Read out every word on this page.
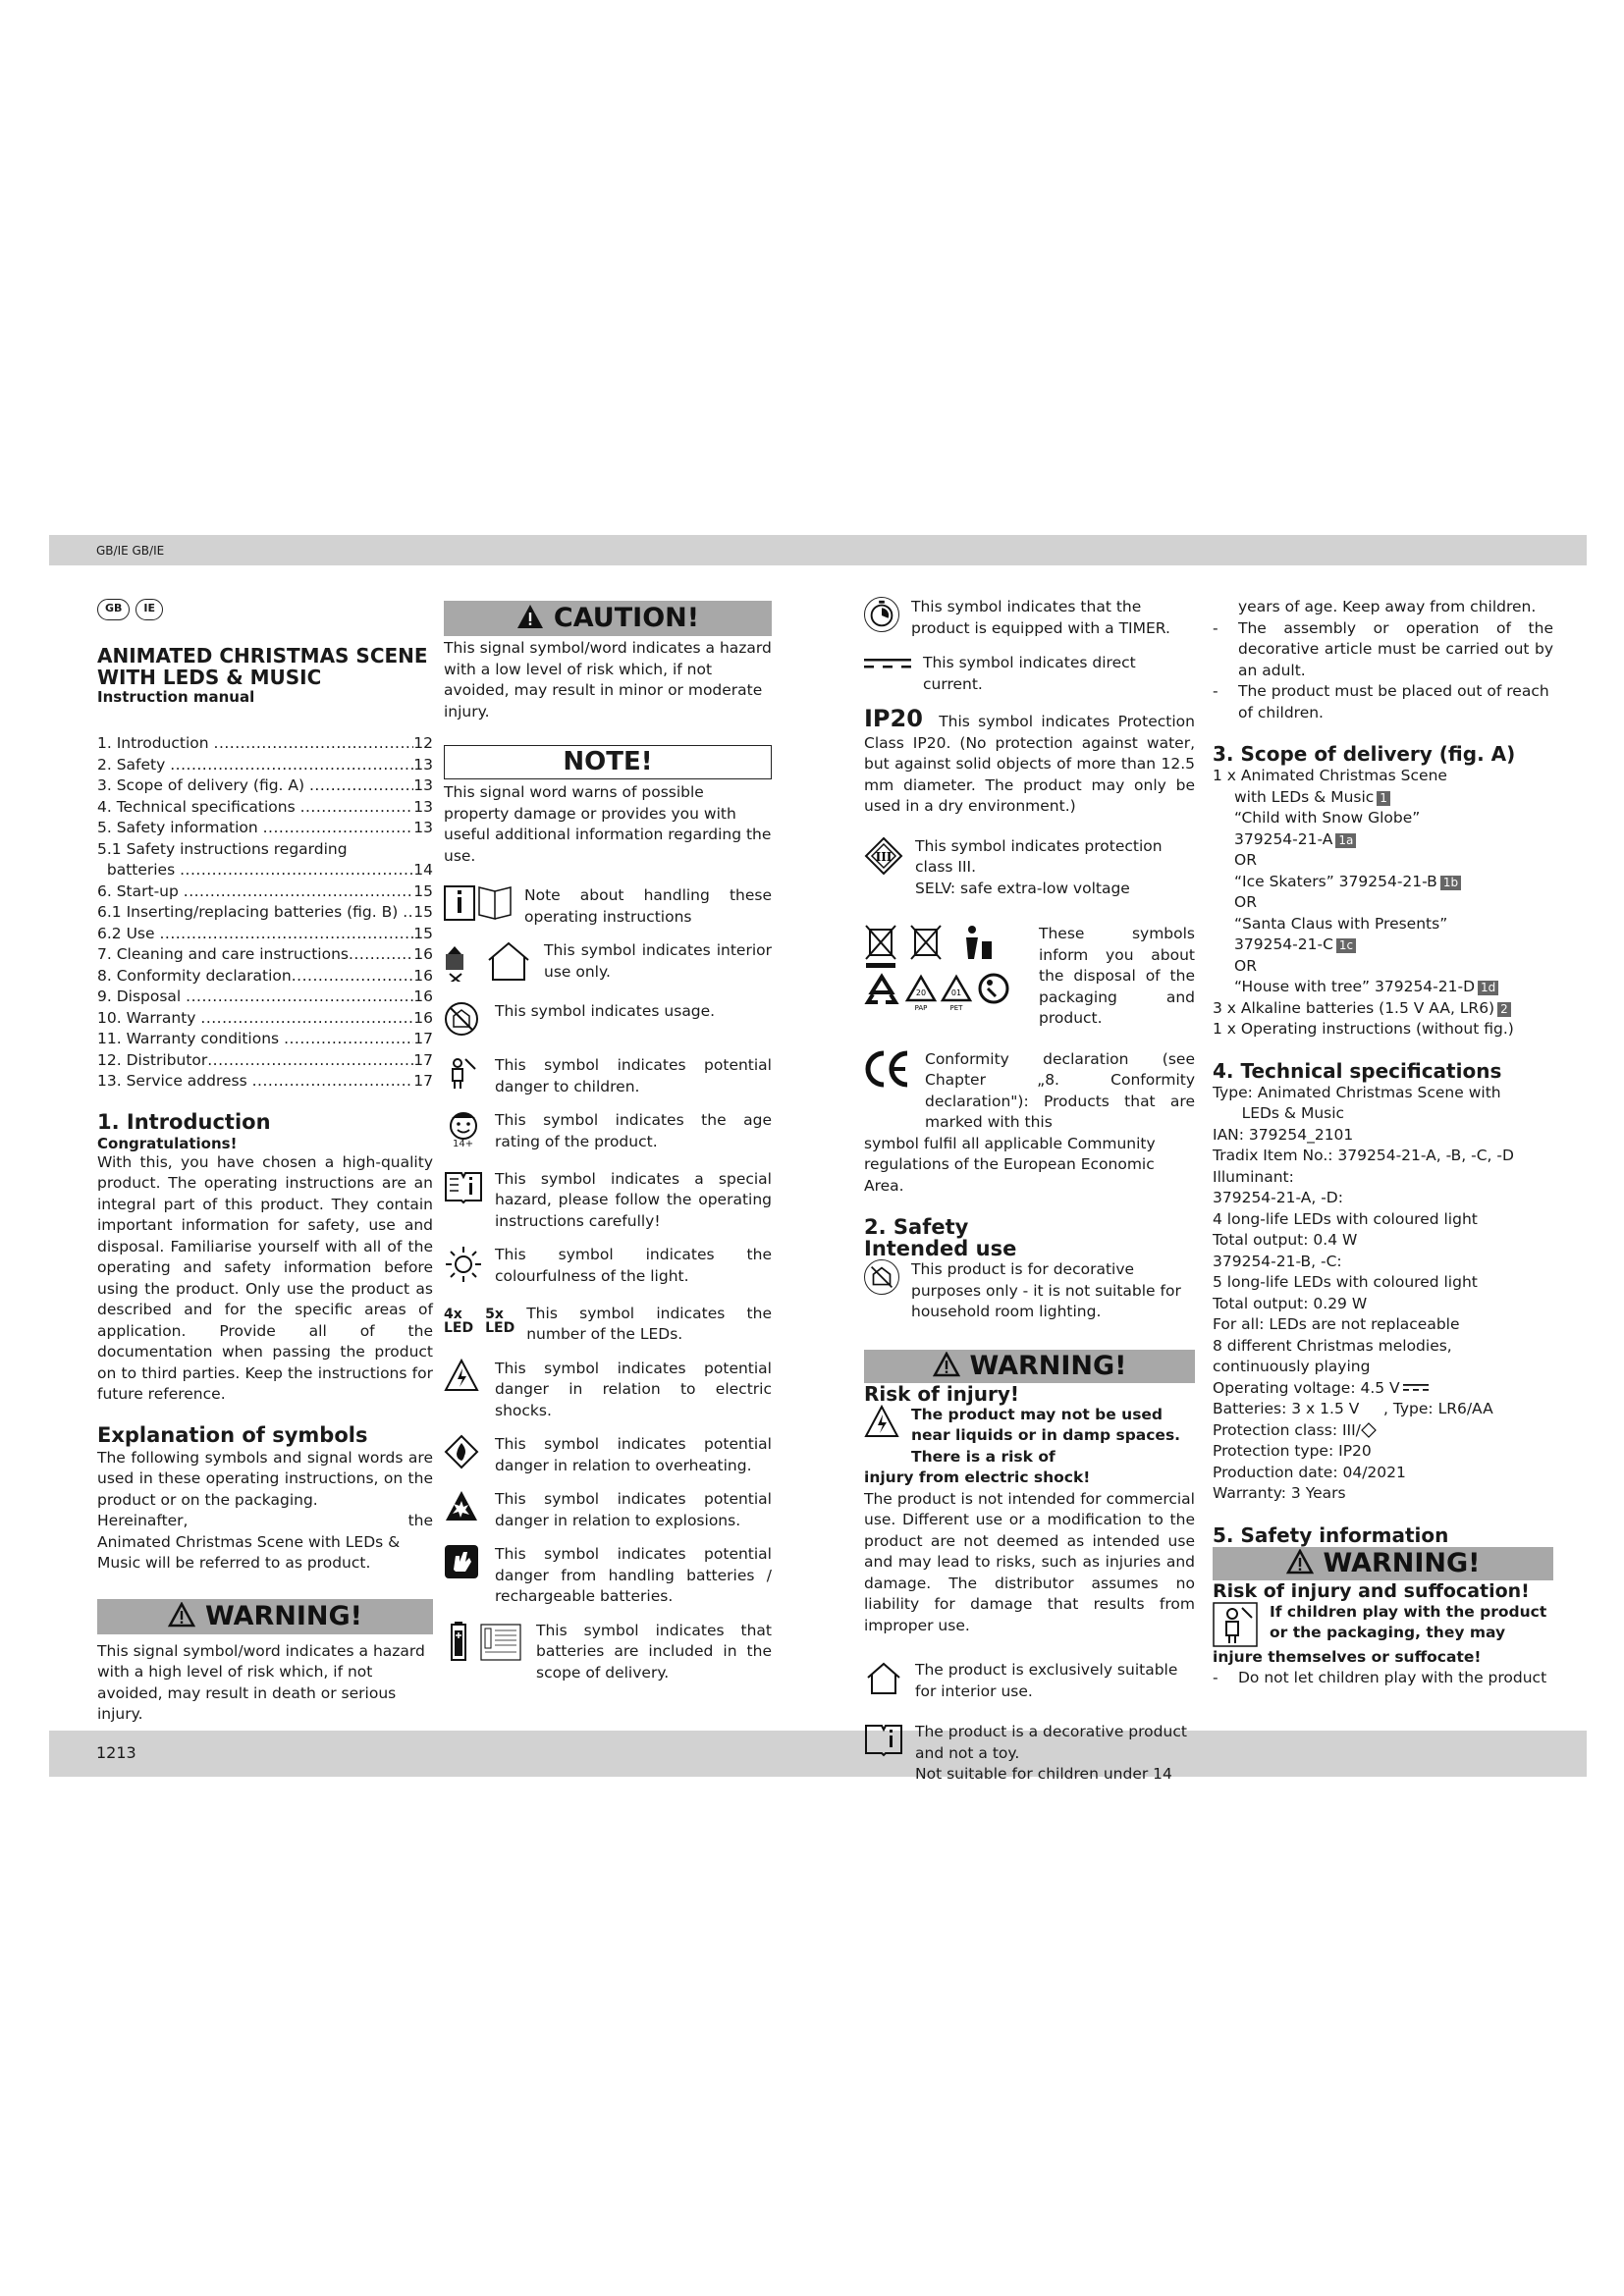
GB/IE GB/IE
1213
GB	IE
ANIMATED CHRISTMAS SCENE
WITH LEDS & MUSIC
Instruction manual
1. Introduction .....	12
2. Safety .....	13
3. Scope of delivery (fig. A) .....	13
4. Technical specifications .....	13
5. Safety information .....	13
5.1 Safety instructions regarding
batteries .....	14
6. Start-up .....	15
6.1 Inserting/replacing batteries (fig. B) ..... 15
6.2 Use .....	15
7. Cleaning and care instructions .....	16
8. Conformity declaration .....	16
9. Disposal .....	16
10. Warranty .....	16
11. Warranty conditions .....	17
12. Distributor .....	17
13. Service address .....	17
1. Introduction
Congratulations!

With this, you have chosen a high-quality product. The operating instructions are an integral part of this product. They contain important information for safety, use and disposal. Familiarise yourself with all of the operating and safety information before using the product. Only use the product as described and for the specific areas of application. Provide all of the documentation when passing the product on to third parties. Keep the instructions for future reference.

Explanation of symbols

The following symbols and signal words are used in these operating instructions, on the product or on the packaging.

Hereinafter,	the

Animated Christmas Scene with LEDs & Music will be referred to as product.

WARNING!

This signal symbol/word indicates a hazard with a high level of risk which, if not avoided, may result in death or serious injury.

CAUTION!

This signal symbol/word indicates a hazard with a low level of risk which, if not avoided, may result in minor or moderate injury.

NOTE!

This signal word warns of possible property damage or provides you with useful additional information regarding the use.

Note about handling these operating instructions

This symbol indicates interior use only.

This symbol indicates usage.

This symbol indicates potential danger to children.

14+

This symbol indicates the age rating of the product.

This symbol indicates a special hazard, please follow the operating instructions carefully!

This symbol indicates the colourfulness of the light.

4x
LED
5x
LED

This symbol indicates the number of the LEDs.

This symbol indicates potential danger in relation to electric shocks.

This symbol indicates potential danger in relation to overheating.

This symbol indicates potential danger in relation to explosions.

This symbol indicates potential danger from handling batteries / rechargeable batteries.

This symbol indicates that batteries are included in the scope of delivery.

This symbol indicates that the product is equipped with a TIMER.

This symbol indicates direct current.

IP20 This symbol indicates Protection Class IP20. (No protection against water, but against solid objects of more than 12.5 mm diameter. The product may only be used in a dry environment.)

III

This symbol indicates protection class III.

SELV: safe extra-low voltage

20
PAP
01
PET

These symbols inform you about the disposal of the packaging and product.

Conformity declaration (see Chapter „8. Conformity declaration"): Products that are marked with this

symbol fulfil all applicable Community regulations of the European Economic Area.

2. Safety
Intended use

This product is for decorative purposes only - it is not suitable for household room lighting.

WARNING!
Risk of injury!

The product may not be used near liquids or in damp spaces. There is a risk of

injury from electric shock!

The product is not intended for commercial use. Different use or a modification to the product are not deemed as intended use and may lead to risks, such as injuries and damage. The distributor assumes no liability for damage that results from improper use.

The product is exclusively suitable for interior use.

The product is a decorative product and not a toy.

Not suitable for children under 14

years of age. Keep away from children.

-	The assembly or operation of the decorative article must be carried out by an adult.

-	The product must be placed out of reach of children.

3. Scope of delivery (fig. A)
1 x Animated Christmas Scene
with LEDs & Music 1
“Child with Snow Globe”
379254-21-A 1a
OR
“Ice Skaters” 379254-21-B 1b
OR
“Santa Claus with Presents”
379254-21-C 1c
OR
“House with tree” 379254-21-D 1d
3 x Alkaline batteries (1.5 V AA, LR6) 2
1 x Operating instructions (without fig.)
4. Technical specifications
Type: Animated Christmas Scene with
LEDs & Music
IAN: 379254_2101
Tradix Item No.: 379254-21-A, -B, -C, -D
Illuminant:
379254-21-A, -D:
4 long-life LEDs with coloured light
Total output: 0.4 W
379254-21-B, -C:
5 long-life LEDs with coloured light
Total output: 0.29 W
For all: LEDs are not replaceable
8 different Christmas melodies, continuously playing
Operating voltage: 4.5 V
Batteries: 3 x 1.5 V     , Type: LR6/AA
Protection class: III/
Protection type: IP20
Production date: 04/2021
Warranty: 3 Years
5. Safety information
WARNING!
Risk of injury and suffocation!

If children play with the product

or the packaging, they may

injure themselves or suffocate!

-	Do not let children play with the product
